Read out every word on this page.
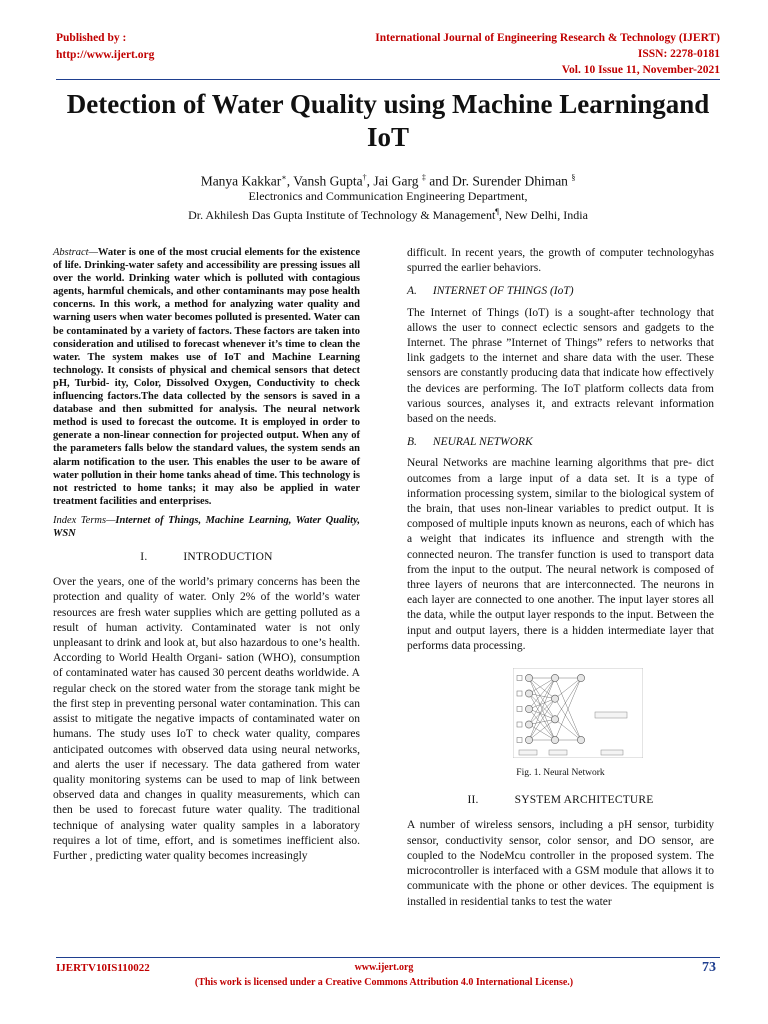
Published by :
http://www.ijert.org
International Journal of Engineering Research & Technology (IJERT)
ISSN: 2278-0181
Vol. 10 Issue 11, November-2021
Detection of Water Quality using Machine Learningand IoT
Manya Kakkar∗, Vansh Gupta†, Jai Garg ‡ and Dr. Surender Dhiman §
Electronics and Communication Engineering Department,
Dr. Akhilesh Das Gupta Institute of Technology & Management¶, New Delhi, India

Abstract—Water is one of the most crucial elements for the existence of life. Drinking-water safety and accessibility are pressing issues all over the world. Drinking water which is polluted with contagious agents, harmful chemicals, and other contaminants may pose health concerns. In this work, a method for analyzing water quality and warning users when water becomes polluted is presented. Water can be contaminated by a variety of factors. These factors are taken into consideration and utilised to forecast whenever it’s time to clean the water. The system makes use of IoT and Machine Learning technology. It consists of physical and chemical sensors that detect pH, Turbid- ity, Color, Dissolved Oxygen, Conductivity to check influencing factors.The data collected by the sensors is saved in a database and then submitted for analysis. The neural network method is used to forecast the outcome. It is employed in order to generate a non-linear connection for projected output. When any of the parameters falls below the standard values, the system sends an alarm notification to the user. This enables the user to be aware of water pollution in their home tanks ahead of time. This technology is not restricted to home tanks; it may also be applied in water treatment facilities and enterprises.

Index Terms—Internet of Things, Machine Learning, Water Quality, WSN

I.	INTRODUCTION

Over the years, one of the world’s primary concerns has been the protection and quality of water. Only 2% of the world’s water resources are fresh water supplies which are getting polluted as a result of human activity. Contaminated water is not only unpleasant to drink and look at, but also hazardous to one’s health. According to World Health Organi- sation (WHO), consumption of contaminated water has caused 30 percent deaths worldwide. A regular check on the stored water from the storage tank might be the first step in preventing personal water contamination. This can assist to mitigate the negative impacts of contaminated water on humans. The study uses IoT to check water quality, compares anticipated outcomes with observed data using neural networks, and alerts the user if necessary. The data gathered from water quality monitoring systems can be used to map of link between observed data and changes in quality measurements, which can then be used to forecast future water quality. The traditional technique of analysing water quality samples in a laboratory requires a lot of time, effort, and is sometimes inefficient also. Further , predicting water quality becomes increasingly

difficult. In recent years, the growth of computer technologyhas spurred the earlier behaviors.

A. INTERNET OF THINGS (IoT)

The Internet of Things (IoT) is a sought-after technology that allows the user to connect eclectic sensors and gadgets to the Internet. The phrase ”Internet of Things” refers to networks that link gadgets to the internet and share data with the user. These sensors are constantly producing data that indicate how effectively the devices are performing. The IoT platform collects data from various sources, analyses it, and extracts relevant information based on the needs.

B. NEURAL NETWORK

Neural Networks are machine learning algorithms that pre- dict outcomes from a large input of a data set. It is a type of information processing system, similar to the biological system of the brain, that uses non-linear variables to predict output. It is composed of multiple inputs known as neurons, each of which has a weight that indicates its influence and strength with the connected neuron. The transfer function is used to transport data from the input to the output. The neural network is composed of three layers of neurons that are interconnected. The neurons in each layer are connected to one another. The input layer stores all the data, while the output layer responds to the input. Between the input and output layers, there is a hidden intermediate layer that performs data processing.

Fig. 1. Neural Network
II.	SYSTEM ARCHITECTURE

A number of wireless sensors, including a pH sensor, turbidity sensor, conductivity sensor, color sensor, and DO sensor, are coupled to the NodeMcu controller in the proposed system. The microcontroller is interfaced with a GSM module that allows it to communicate with the phone or other devices. The equipment is installed in residential tanks to test the water

IJERTV10IS110022	www.ijert.org	73
(This work is licensed under a Creative Commons Attribution 4.0 International License.)
